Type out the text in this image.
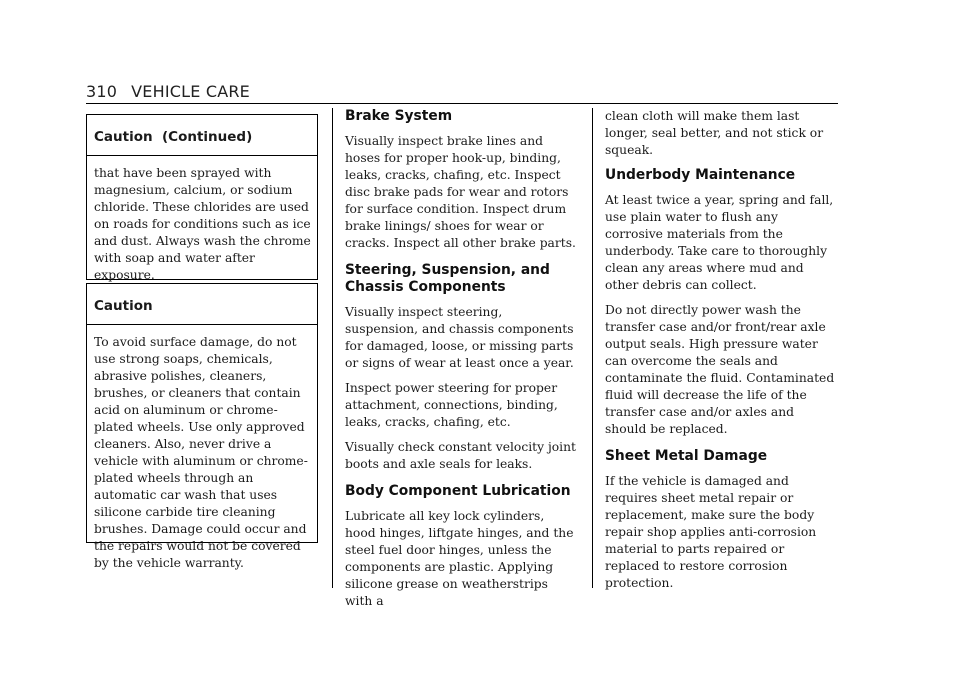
310 VEHICLE CARE
Caution  (Continued)
that have been sprayed with magnesium, calcium, or sodium chloride. These chlorides are used on roads for conditions such as ice and dust. Always wash the chrome with soap and water after exposure.
Caution
To avoid surface damage, do not use strong soaps, chemicals, abrasive polishes, cleaners, brushes, or cleaners that contain acid on aluminum or chrome-plated wheels. Use only approved cleaners. Also, never drive a vehicle with aluminum or chrome-plated wheels through an automatic car wash that uses silicone carbide tire cleaning brushes. Damage could occur and the repairs would not be covered by the vehicle warranty.
Brake System

Visually inspect brake lines and hoses for proper hook-up, binding, leaks, cracks, chafing, etc. Inspect disc brake pads for wear and rotors for surface condition. Inspect drum brake linings/ shoes for wear or cracks. Inspect all other brake parts.

Steering, Suspension, and Chassis Components

Visually inspect steering, suspension, and chassis components for damaged, loose, or missing parts or signs of wear at least once a year.

Inspect power steering for proper attachment, connections, binding, leaks, cracks, chafing, etc.

Visually check constant velocity joint boots and axle seals for leaks.

Body Component Lubrication

Lubricate all key lock cylinders, hood hinges, liftgate hinges, and the steel fuel door hinges, unless the components are plastic. Applying silicone grease on weatherstrips with a

clean cloth will make them last longer, seal better, and not stick or squeak.

Underbody Maintenance

At least twice a year, spring and fall, use plain water to flush any corrosive materials from the underbody. Take care to thoroughly clean any areas where mud and other debris can collect.

Do not directly power wash the transfer case and/or front/rear axle output seals. High pressure water can overcome the seals and contaminate the fluid. Contaminated fluid will decrease the life of the transfer case and/or axles and should be replaced.

Sheet Metal Damage

If the vehicle is damaged and requires sheet metal repair or replacement, make sure the body repair shop applies anti-corrosion material to parts repaired or replaced to restore corrosion protection.
